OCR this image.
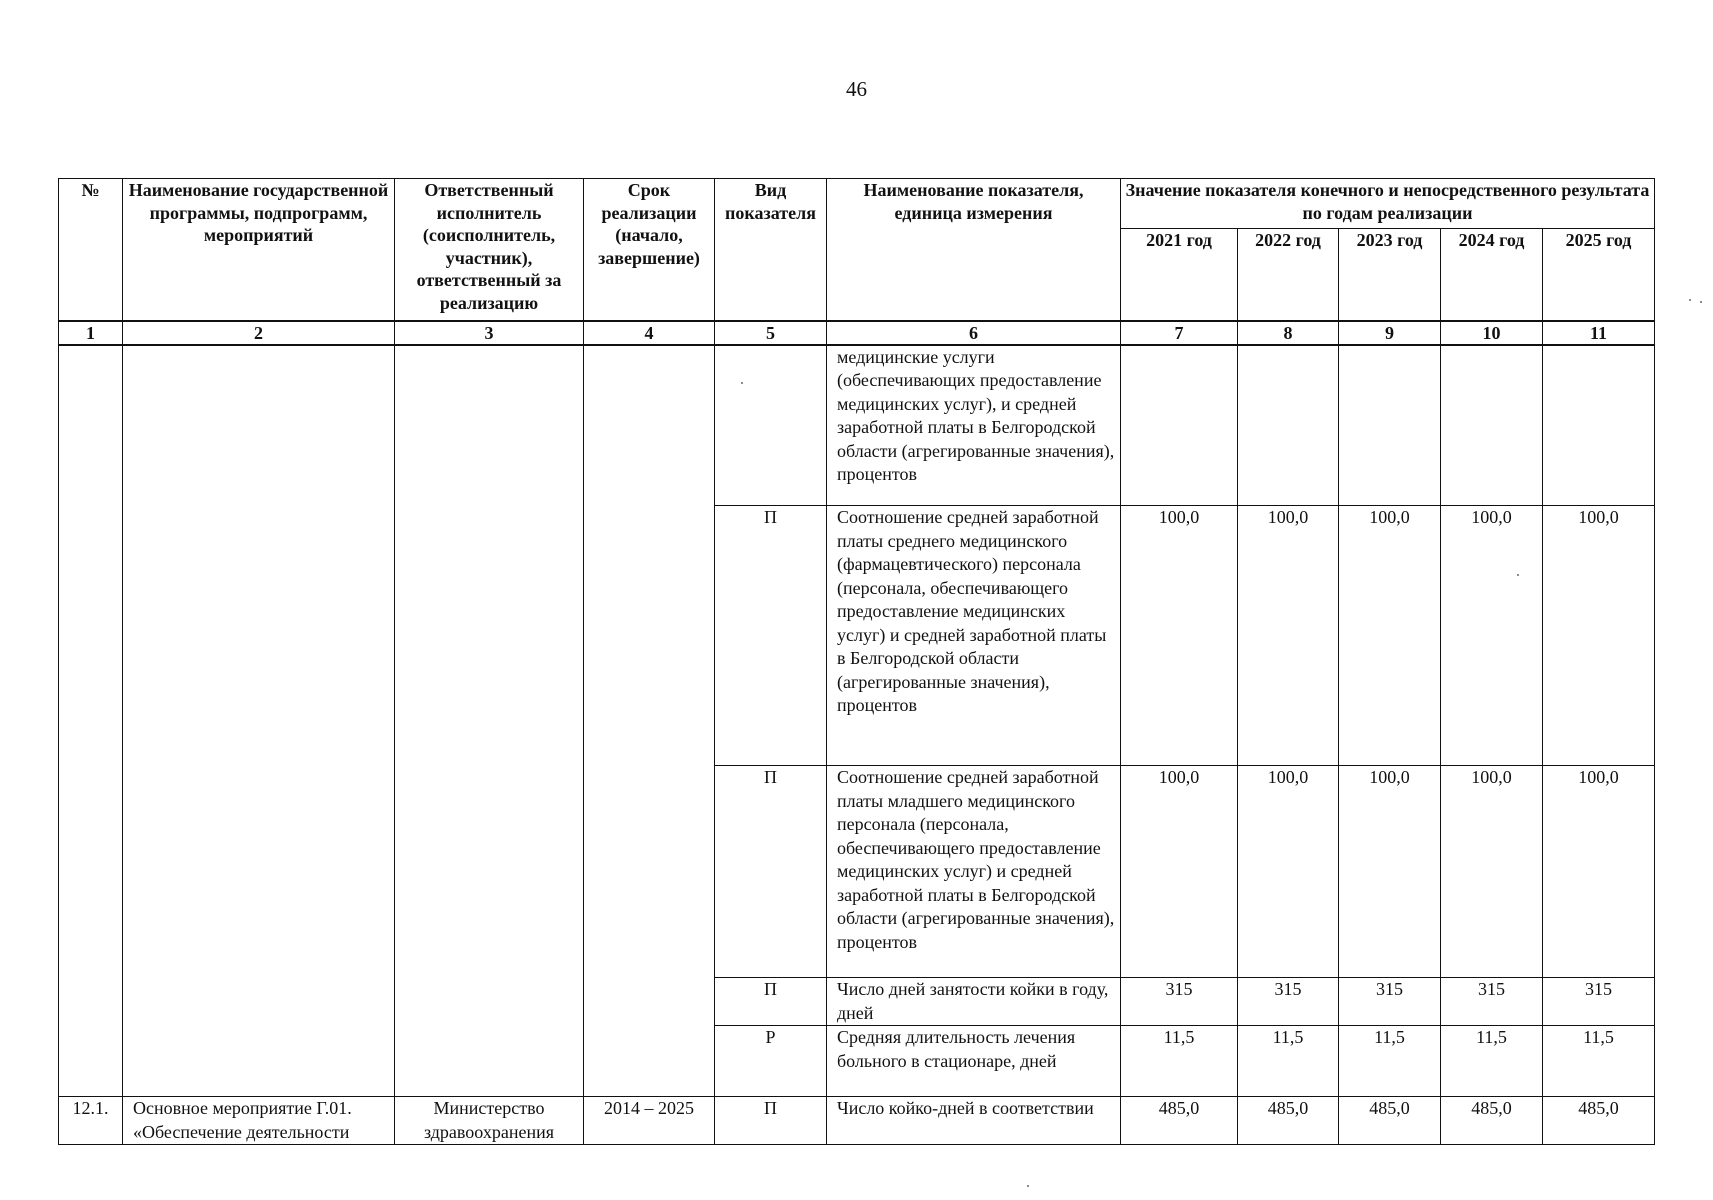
46
№	Наименование государственной программы, подпрограмм, мероприятий	Ответственный исполнитель (соисполнитель, участник), ответственный за реализацию	Срок реализации (начало, завершение)	Вид показателя	Наименование показателя, единица измерения	Значение показателя конечного и непосредственного результата по годам реализации				
						2021 год	2022 год	2023 год	2024 год	2025 год
1	2	3	4	5	6	7	8	9	10	11
					медицинские услуги (обеспечивающих предоставление медицинских услуг), и средней заработной платы в Белгородской области (агрегированные значения), процентов					
				П	Соотношение средней заработной платы среднего медицинского (фармацевтического) персонала (персонала, обеспечивающего предоставление медицинских услуг) и средней заработной платы в Белгородской области (агрегированные значения), процентов	100,0	100,0	100,0	100,0	100,0
				П	Соотношение средней заработной платы младшего медицинского персонала (персонала, обеспечивающего предоставление медицинских услуг) и средней заработной платы в Белгородской области (агрегированные значения), процентов	100,0	100,0	100,0	100,0	100,0
				П	Число дней занятости койки в году, дней	315	315	315	315	315
				Р	Средняя длительность лечения больного в стационаре, дней	11,5	11,5	11,5	11,5	11,5
12.1.	Основное мероприятие Г.01. «Обеспечение деятельности	Министерство здравоохранения	2014 – 2025	П	Число койко-дней в соответствии	485,0	485,0	485,0	485,0	485,0
